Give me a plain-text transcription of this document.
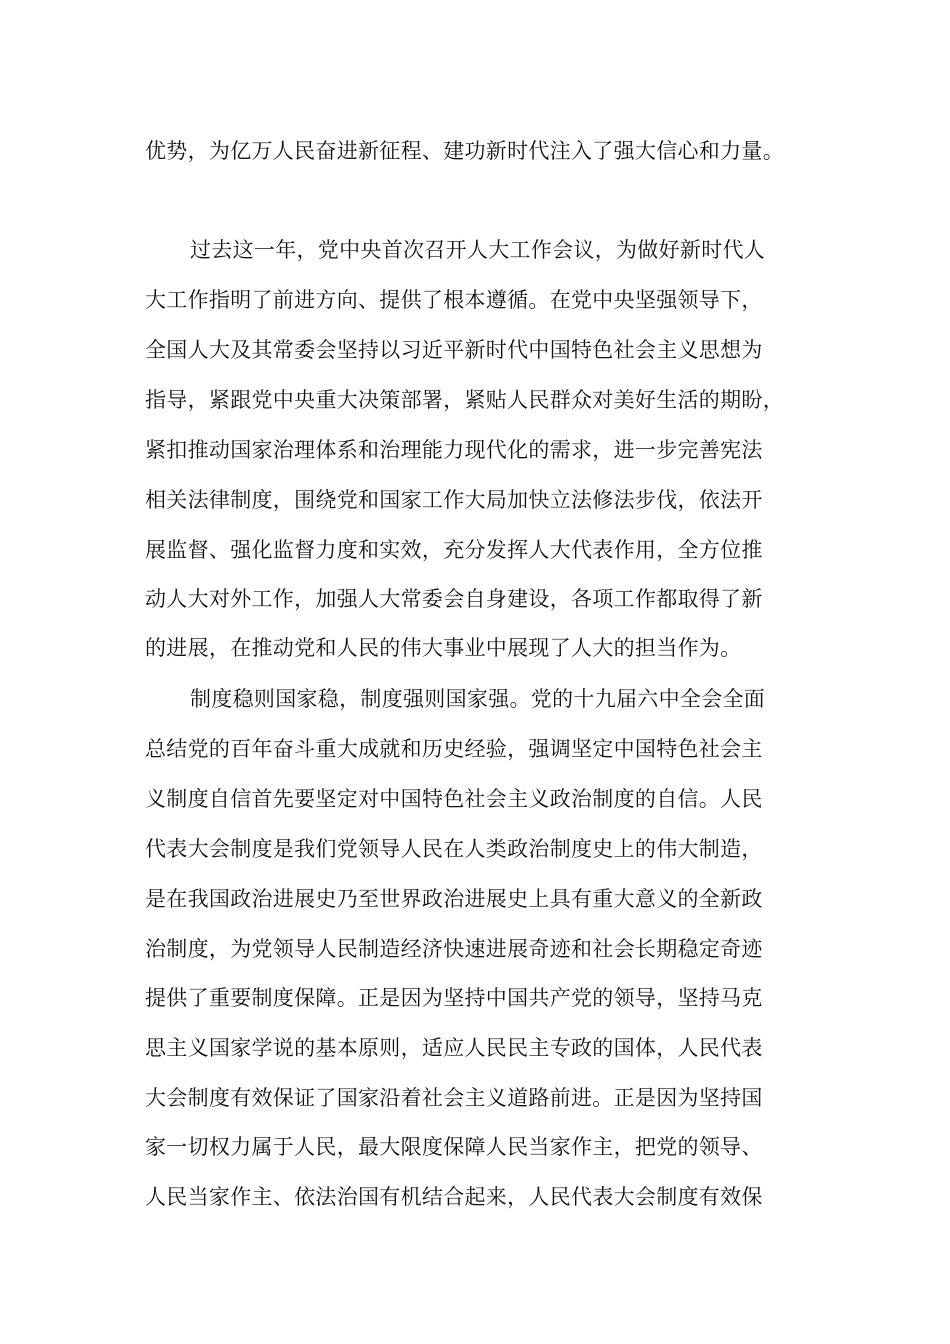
优势，为亿万人民奋进新征程、建功新时代注入了强大信心和力量。
过去这一年，党中央首次召开人大工作会议，为做好新时代人
大工作指明了前进方向、提供了根本遵循。在党中央坚强领导下，
全国人大及其常委会坚持以习近平新时代中国特色社会主义思想为
指导，紧跟党中央重大决策部署，紧贴人民群众对美好生活的期盼，
紧扣推动国家治理体系和治理能力现代化的需求，进一步完善宪法
相关法律制度，围绕党和国家工作大局加快立法修法步伐，依法开
展监督、强化监督力度和实效，充分发挥人大代表作用，全方位推
动人大对外工作，加强人大常委会自身建设，各项工作都取得了新
的进展，在推动党和人民的伟大事业中展现了人大的担当作为。
制度稳则国家稳，制度强则国家强。党的十九届六中全会全面
总结党的百年奋斗重大成就和历史经验，强调坚定中国特色社会主
义制度自信首先要坚定对中国特色社会主义政治制度的自信。人民
代表大会制度是我们党领导人民在人类政治制度史上的伟大制造，
是在我国政治进展史乃至世界政治进展史上具有重大意义的全新政
治制度，为党领导人民制造经济快速进展奇迹和社会长期稳定奇迹
提供了重要制度保障。正是因为坚持中国共产党的领导，坚持马克
思主义国家学说的基本原则，适应人民民主专政的国体，人民代表
大会制度有效保证了国家沿着社会主义道路前进。正是因为坚持国
家一切权力属于人民，最大限度保障人民当家作主，把党的领导、
人民当家作主、依法治国有机结合起来，人民代表大会制度有效保
